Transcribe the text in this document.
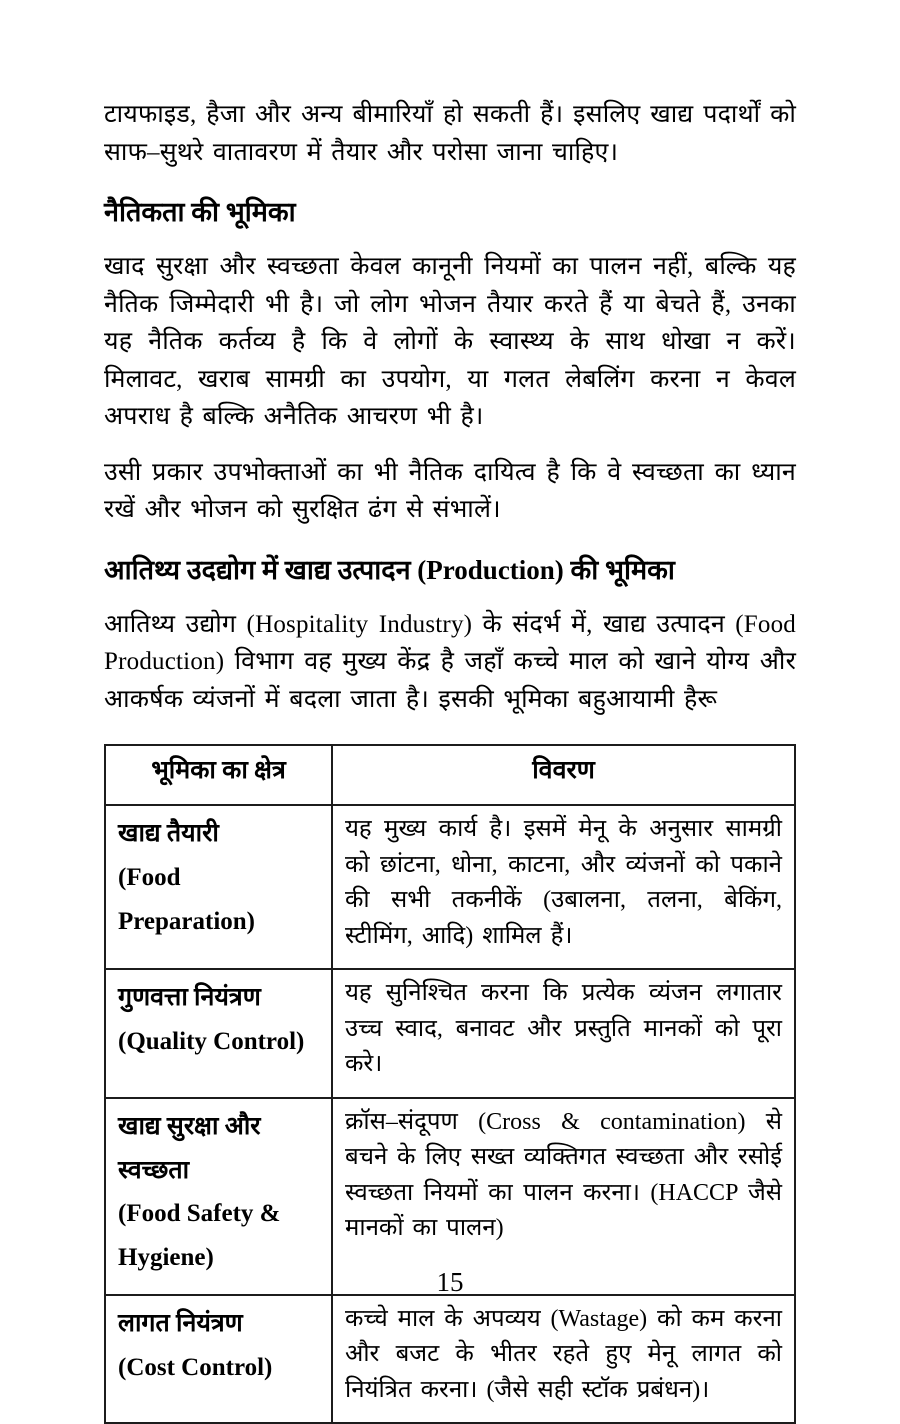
टायफाइड, हैजा और अन्य बीमारियाँ हो सकती हैं। इसलिए खाद्य पदार्थों को साफ–सुथरे वातावरण में तैयार और परोसा जाना चाहिए।

नैतिकता की भूमिका

खाद सुरक्षा और स्वच्छता केवल कानूनी नियमों का पालन नहीं, बल्कि यह नैतिक जिम्मेदारी भी है। जो लोग भोजन तैयार करते हैं या बेचते हैं, उनका यह नैतिक कर्तव्य है कि वे लोगों के स्वास्थ्य के साथ धोखा न करें। मिलावट, खराब सामग्री का उपयोग, या गलत लेबलिंग करना न केवल अपराध है बल्कि अनैतिक आचरण भी है।

उसी प्रकार उपभोक्ताओं का भी नैतिक दायित्व है कि वे स्वच्छता का ध्यान रखें और भोजन को सुरक्षित ढंग से संभालें।

आतिथ्य उदद्योग में खाद्य उत्पादन (Production) की भूमिका

आतिथ्य उद्योग (Hospitality Industry) के संदर्भ में, खाद्य उत्पादन (Food Production) विभाग वह मुख्य केंद्र है जहाँ कच्चे माल को खाने योग्य और आकर्षक व्यंजनों में बदला जाता है। इसकी भूमिका बहुआयामी हैरू

भूमिका का क्षेत्र	विवरण

खाद्य तैयारी
(Food Preparation)	यह मुख्य कार्य है। इसमें मेनू के अनुसार सामग्री को छांटना, धोना, काटना, और व्यंजनों को पकाने की सभी तकनीकें (उबालना, तलना, बेकिंग, स्टीमिंग, आदि) शामिल हैं।

गुणवत्ता नियंत्रण
(Quality Control)	यह सुनिश्चित करना कि प्रत्येक व्यंजन लगातार उच्च स्वाद, बनावट और प्रस्तुति मानकों को पूरा करे।

खाद्य सुरक्षा और स्वच्छता
(Food Safety & Hygiene)	क्रॉस–संदूपण (Cross & contamination) से बचने के लिए सख्त व्यक्तिगत स्वच्छता और रसोई स्वच्छता नियमों का पालन करना। (HACCP जैसे मानकों का पालन)

लागत नियंत्रण
(Cost Control)	कच्चे माल के अपव्यय (Wastage) को कम करना और बजट के भीतर रहते हुए मेनू लागत को नियंत्रित करना। (जैसे सही स्टॉक प्रबंधन)।
15
